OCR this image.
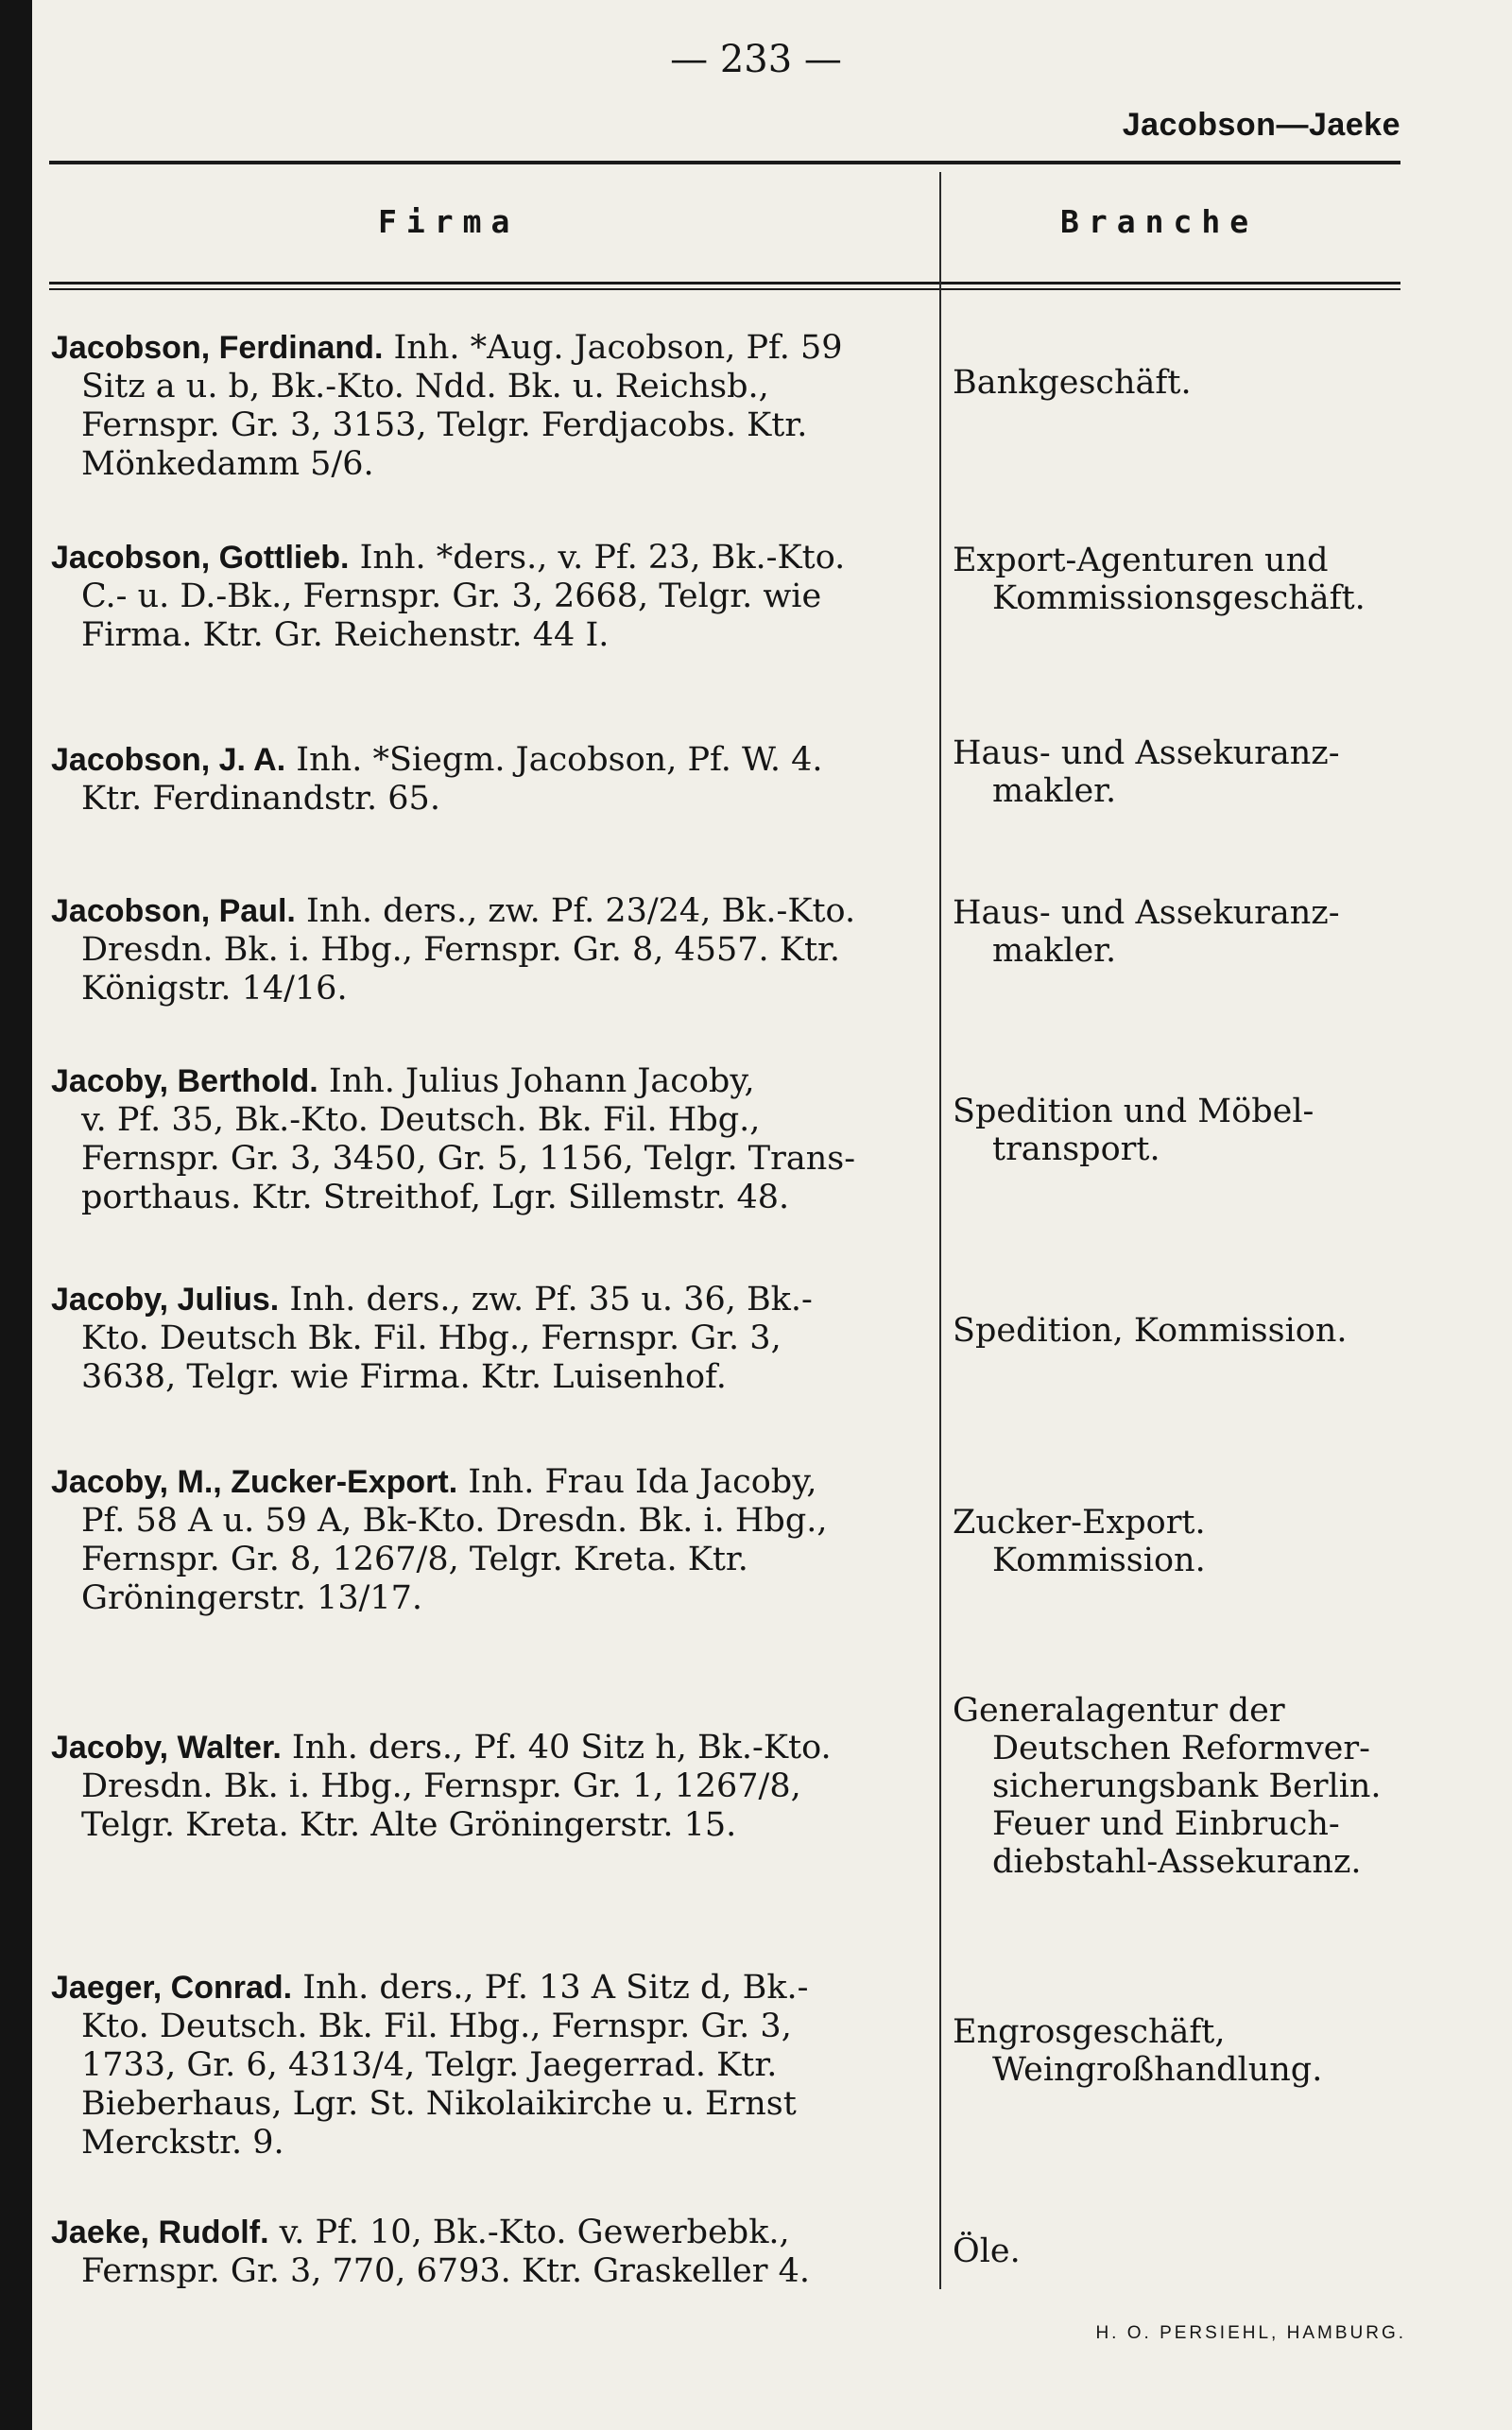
— 233 —
Jacobson—Jaeke
Firma	Branche
Jacobson, Ferdinand. Inh. *Aug. Jacobson, Pf. 59
Sitz a u. b, Bk.-Kto. Ndd. Bk. u. Reichsb.,
Fernspr. Gr. 3, 3153, Telgr. Ferdjacobs. Ktr.
Mönkedamm 5/6.
Bankgeschäft.
Jacobson, Gottlieb. Inh. *ders., v. Pf. 23, Bk.-Kto.
C.- u. D.-Bk., Fernspr. Gr. 3, 2668, Telgr. wie
Firma. Ktr. Gr. Reichenstr. 44 I.
Export-Agenturen und
Kommissionsgeschäft.
Jacobson, J. A. Inh. *Siegm. Jacobson, Pf. W. 4.
Ktr. Ferdinandstr. 65.
Haus- und Assekuranz-
makler.
Jacobson, Paul. Inh. ders., zw. Pf. 23/24, Bk.-Kto.
Dresdn. Bk. i. Hbg., Fernspr. Gr. 8, 4557. Ktr.
Königstr. 14/16.
Haus- und Assekuranz-
makler.
Jacoby, Berthold. Inh. Julius Johann Jacoby,
v. Pf. 35, Bk.-Kto. Deutsch. Bk. Fil. Hbg.,
Fernspr. Gr. 3, 3450, Gr. 5, 1156, Telgr. Trans-
porthaus. Ktr. Streithof, Lgr. Sillemstr. 48.
Spedition und Möbel-
transport.
Jacoby, Julius. Inh. ders., zw. Pf. 35 u. 36, Bk.-
Kto. Deutsch Bk. Fil. Hbg., Fernspr. Gr. 3,
3638, Telgr. wie Firma. Ktr. Luisenhof.
Spedition, Kommission.
Jacoby, M., Zucker-Export. Inh. Frau Ida Jacoby,
Pf. 58 A u. 59 A, Bk-Kto. Dresdn. Bk. i. Hbg.,
Fernspr. Gr. 8, 1267/8, Telgr. Kreta. Ktr.
Gröningerstr. 13/17.
Zucker-Export.
Kommission.
Jacoby, Walter. Inh. ders., Pf. 40 Sitz h, Bk.-Kto.
Dresdn. Bk. i. Hbg., Fernspr. Gr. 1, 1267/8,
Telgr. Kreta. Ktr. Alte Gröningerstr. 15.
Generalagentur der
Deutschen Reformver-
sicherungsbank Berlin.
Feuer und Einbruch-
diebstahl-Assekuranz.
Jaeger, Conrad. Inh. ders., Pf. 13 A Sitz d, Bk.-
Kto. Deutsch. Bk. Fil. Hbg., Fernspr. Gr. 3,
1733, Gr. 6, 4313/4, Telgr. Jaegerrad. Ktr.
Bieberhaus, Lgr. St. Nikolaikirche u. Ernst
Merckstr. 9.
Engrosgeschäft,
Weingroßhandlung.
Jaeke, Rudolf. v. Pf. 10, Bk.-Kto. Gewerbebk.,
Fernspr. Gr. 3, 770, 6793. Ktr. Graskeller 4.
Öle.
H. O. PERSIEHL, HAMBURG.
